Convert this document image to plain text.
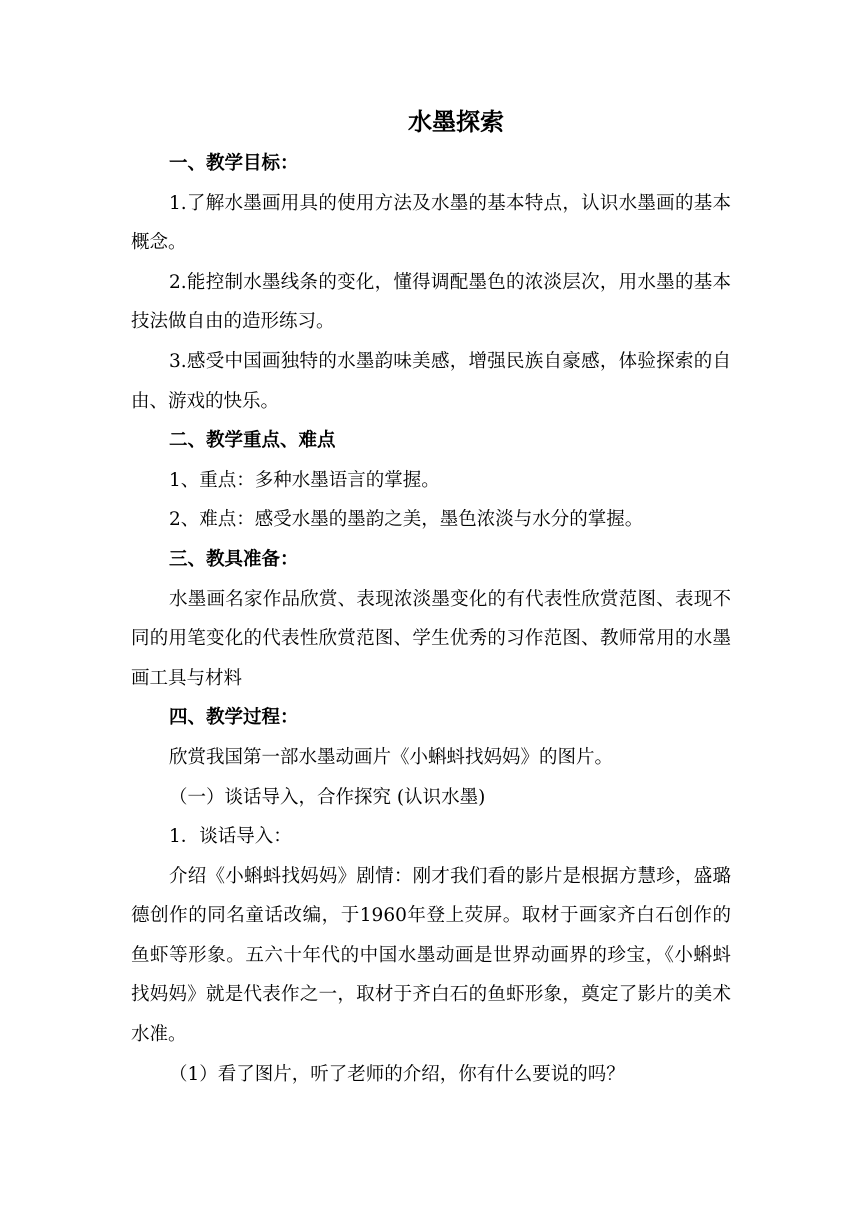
水墨探索

一、教学目标：

1.了解水墨画用具的使用方法及水墨的基本特点，认识水墨画的基本概念。

2.能控制水墨线条的变化，懂得调配墨色的浓淡层次，用水墨的基本技法做自由的造形练习。

3.感受中国画独特的水墨韵味美感，增强民族自豪感，体验探索的自由、游戏的快乐。

二、教学重点、难点

1、重点：多种水墨语言的掌握。

2、难点：感受水墨的墨韵之美，墨色浓淡与水分的掌握。

三、教具准备：

水墨画名家作品欣赏、表现浓淡墨变化的有代表性欣赏范图、表现不同的用笔变化的代表性欣赏范图、学生优秀的习作范图、教师常用的水墨画工具与材料

四、教学过程：

欣赏我国第一部水墨动画片《小蝌蚪找妈妈》的图片。

（一）谈话导入，合作探究 (认识水墨)

1．谈话导入：

介绍《小蝌蚪找妈妈》剧情：刚才我们看的影片是根据方慧珍，盛璐德创作的同名童话改编，于1960年登上荧屏。取材于画家齐白石创作的鱼虾等形象。五六十年代的中国水墨动画是世界动画界的珍宝，《小蝌蚪找妈妈》就是代表作之一，取材于齐白石的鱼虾形象，奠定了影片的美术水准。

（1）看了图片，听了老师的介绍，你有什么要说的吗？
